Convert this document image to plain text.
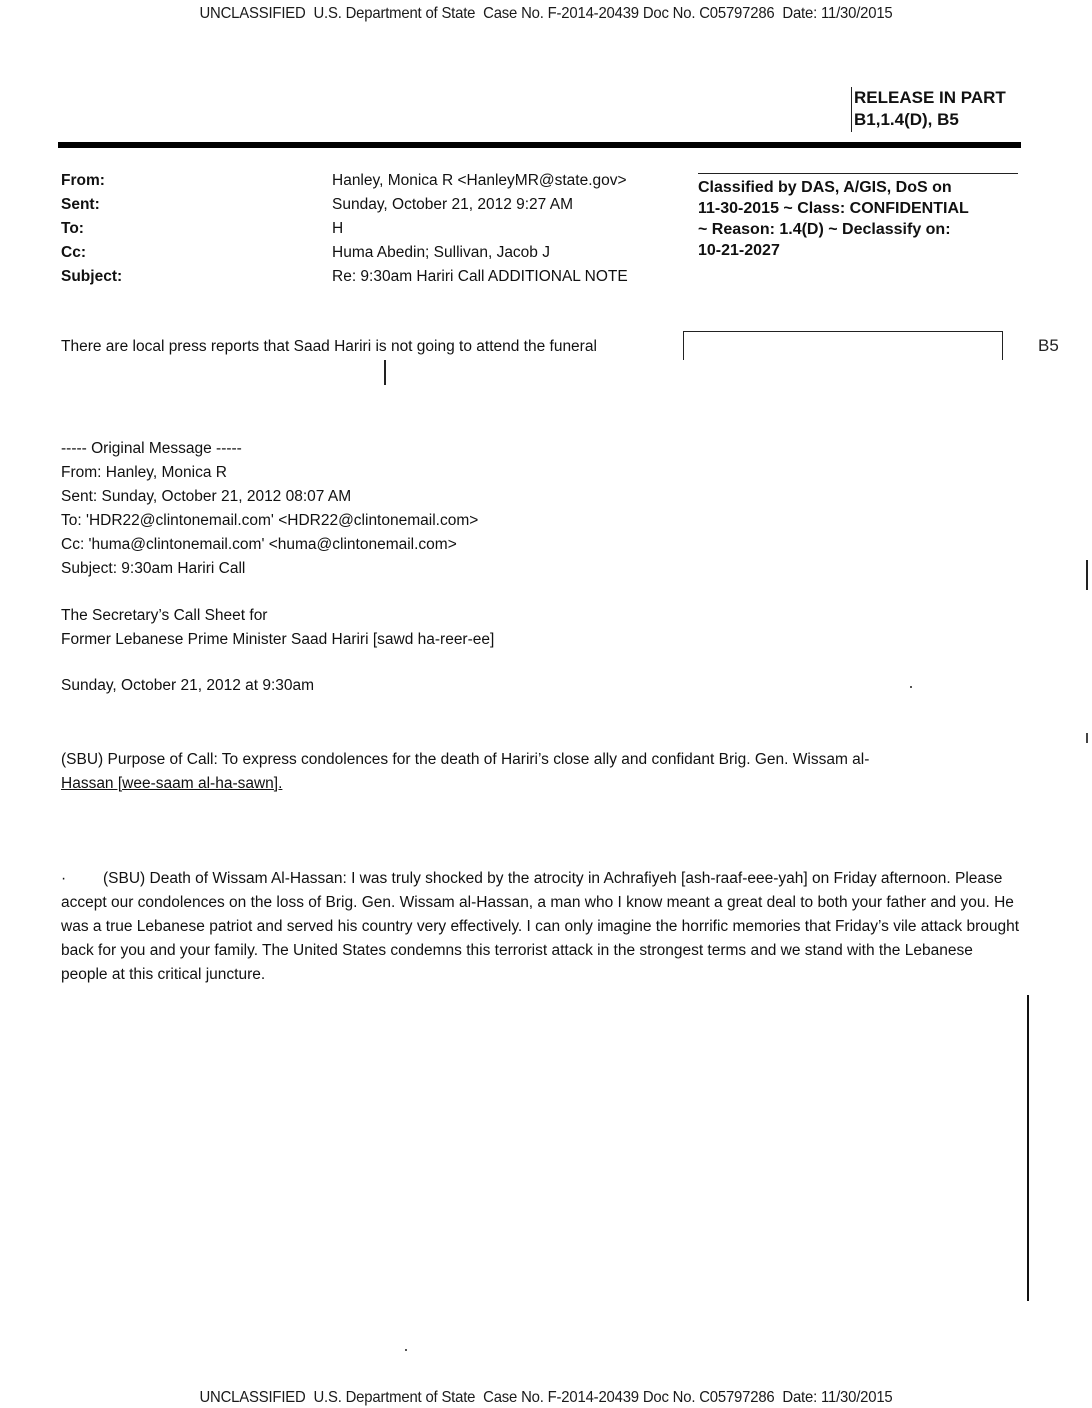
UNCLASSIFIED  U.S. Department of State  Case No. F-2014-20439 Doc No. C05797286  Date: 11/30/2015
RELEASE IN PART
B1,1.4(D), B5
From:	Hanley, Monica R <HanleyMR@state.gov>
Sent:	Sunday, October 21, 2012 9:27 AM
To:	H
Cc:	Huma Abedin; Sullivan, Jacob J
Subject:	Re: 9:30am Hariri Call ADDITIONAL NOTE
Classified by DAS, A/GIS, DoS on
11-30-2015 ~ Class: CONFIDENTIAL
~ Reason: 1.4(D) ~ Declassify on:
10-21-2027
There are local press reports that Saad Hariri is not going to attend the funeral	B5
----- Original Message -----
From: Hanley, Monica R
Sent: Sunday, October 21, 2012 08:07 AM
To: 'HDR22@clintonemail.com' <HDR22@clintonemail.com>
Cc: 'huma@clintonemail.com' <huma@clintonemail.com>
Subject: 9:30am Hariri Call
The Secretary’s Call Sheet for
Former Lebanese Prime Minister Saad Hariri [sawd ha-reer-ee]
Sunday, October 21, 2012 at 9:30am
(SBU) Purpose of Call: To express condolences for the death of Hariri’s close ally and confidant Brig. Gen. Wissam al-
Hassan [wee-saam al-ha-sawn].
· (SBU) Death of Wissam Al-Hassan: I was truly shocked by the atrocity in Achrafiyeh [ash-raaf-eee-yah] on Friday afternoon. Please accept our condolences on the loss of Brig. Gen. Wissam al-Hassan, a man who I know meant a great deal to both your father and you. He was a true Lebanese patriot and served his country very effectively. I can only imagine the horrific memories that Friday’s vile attack brought back for you and your family. The United States condemns this terrorist attack in the strongest terms and we stand with the Lebanese people at this critical juncture.
UNCLASSIFIED  U.S. Department of State  Case No. F-2014-20439 Doc No. C05797286  Date: 11/30/2015
